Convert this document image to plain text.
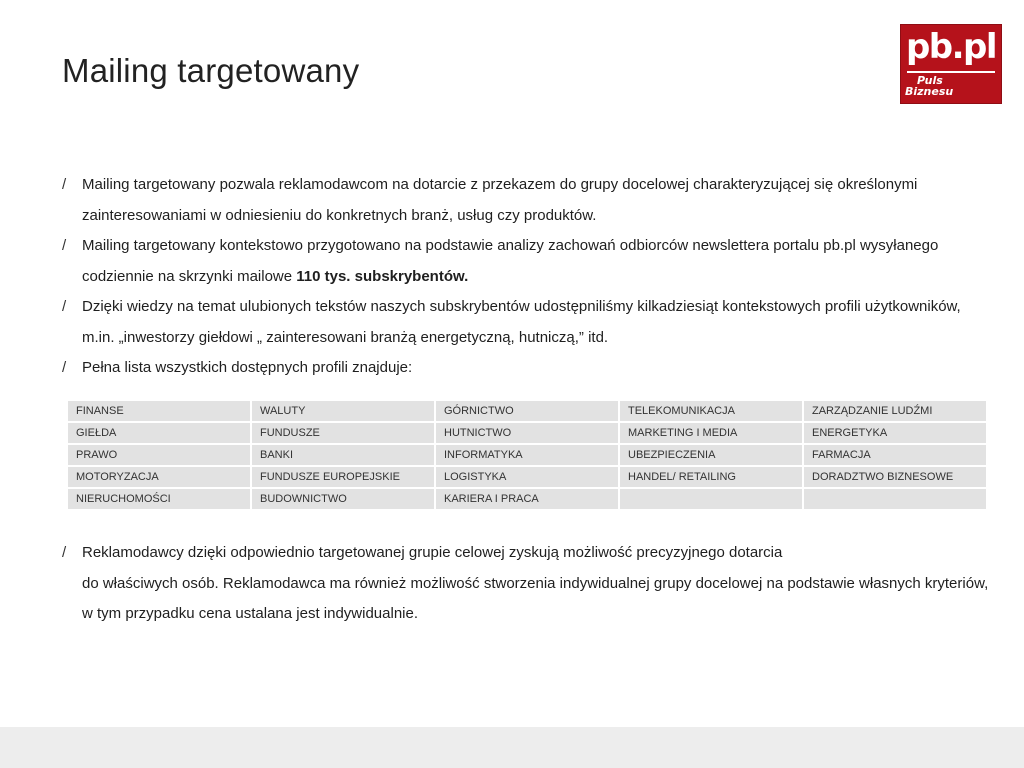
Mailing targetowany
pb.pl
Puls
Biznesu
/	Mailing targetowany pozwala reklamodawcom na dotarcie z przekazem do grupy docelowej charakteryzującej się określonymi zainteresowaniami w odniesieniu do konkretnych branż, usług czy produktów.
/	Mailing targetowany kontekstowo przygotowano na podstawie analizy zachowań odbiorców newslettera portalu pb.pl wysyłanego codziennie na skrzynki mailowe 110 tys. subskrybentów.
/	Dzięki wiedzy na temat ulubionych tekstów naszych subskrybentów udostępniliśmy kilkadziesiąt kontekstowych profili użytkowników, m.in. „inwestorzy giełdowi „ zainteresowani branżą energetyczną, hutniczą,” itd.
/	Pełna lista wszystkich dostępnych profili znajduje:
FINANSE	WALUTY	GÓRNICTWO	TELEKOMUNIKACJA	ZARZĄDZANIE LUDŹMI
GIEŁDA	FUNDUSZE	HUTNICTWO	MARKETING I MEDIA	ENERGETYKA
PRAWO	BANKI	INFORMATYKA	UBEZPIECZENIA	FARMACJA
MOTORYZACJA	FUNDUSZE EUROPEJSKIE	LOGISTYKA	HANDEL/ RETAILING	DORADZTWO BIZNESOWE
NIERUCHOMOŚCI	BUDOWNICTWO	KARIERA I PRACA		
/	Reklamodawcy dzięki odpowiednio targetowanej grupie celowej zyskują możliwość precyzyjnego dotarcia
do właściwych osób. Reklamodawca ma również możliwość stworzenia indywidualnej grupy docelowej na podstawie własnych kryteriów, w tym przypadku cena ustalana jest indywidualnie.
